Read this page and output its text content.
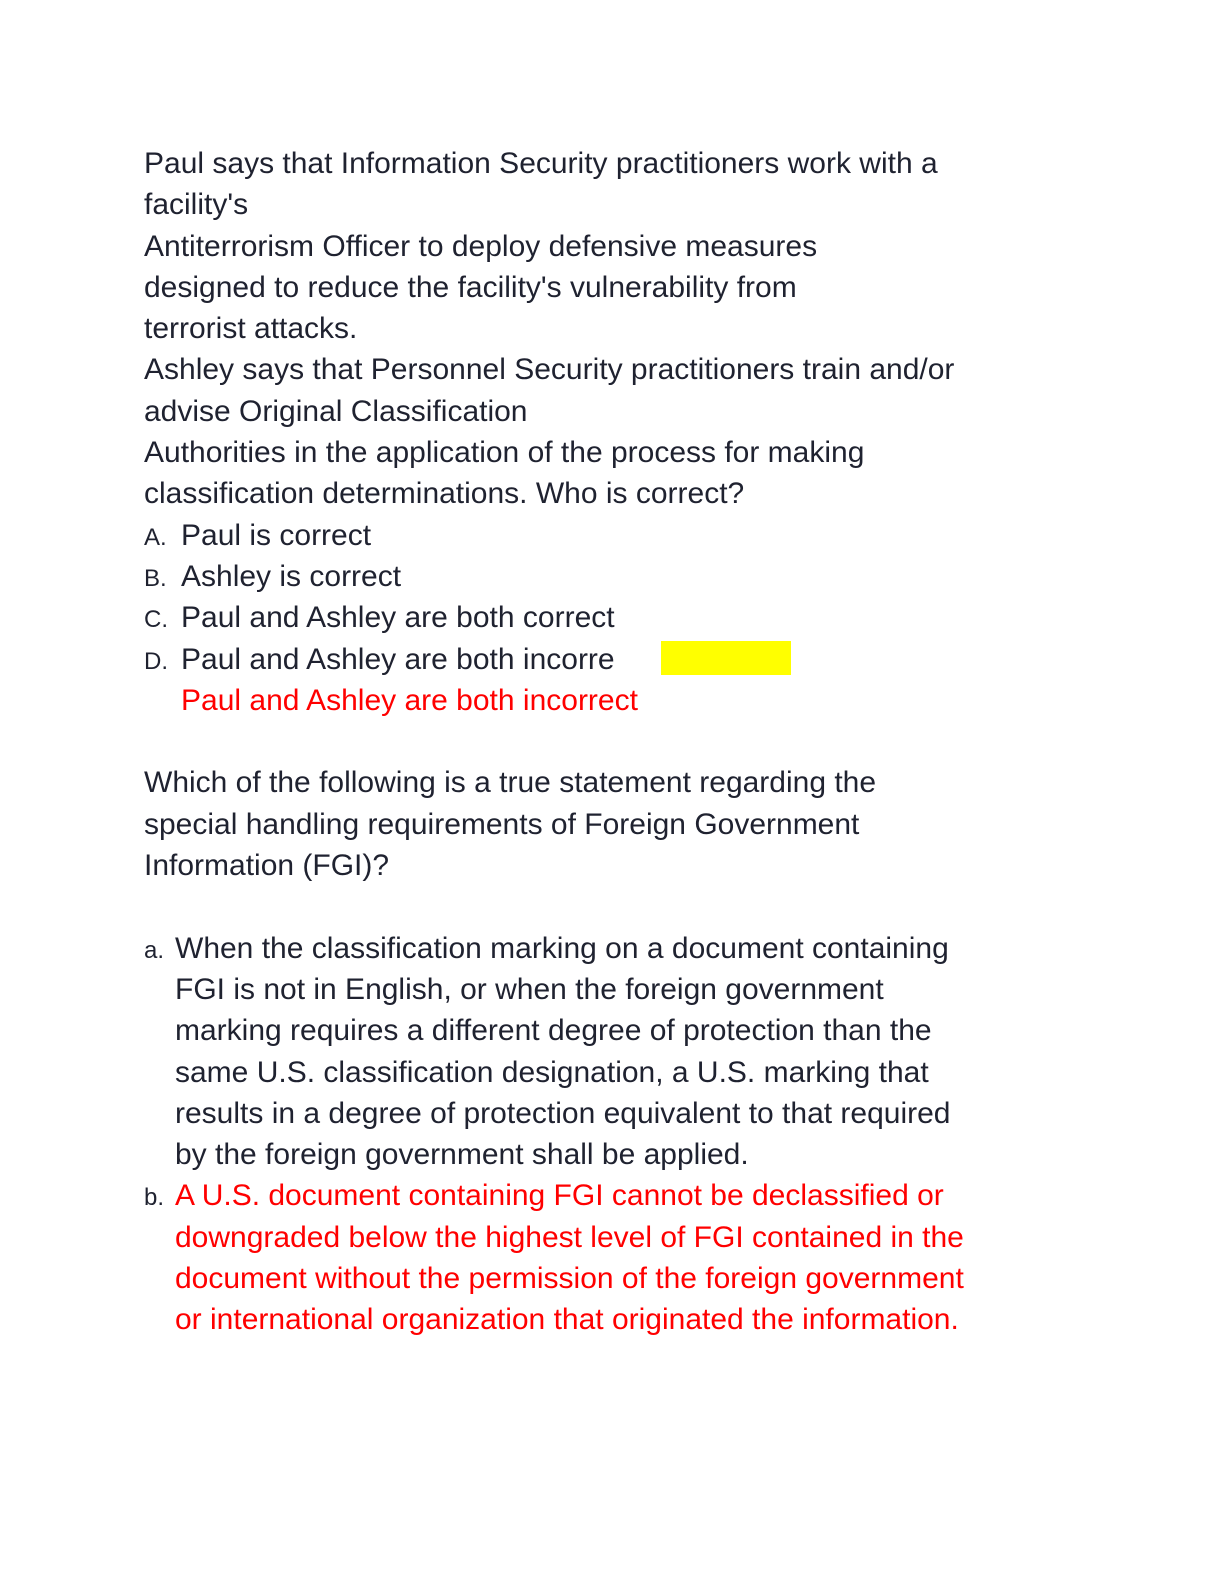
Paul says that Information Security practitioners work with a
facility's
Antiterrorism Officer to deploy defensive measures
designed to reduce the facility's vulnerability from
terrorist attacks.
Ashley says that Personnel Security practitioners train and/or
advise Original Classification
Authorities in the application of the process for making
classification determinations. Who is correct?
A. Paul is correct
B. Ashley is correct
C. Paul and Ashley are both correct
D. Paul and Ashley are both incorre
Paul and Ashley are both incorrect
Which of the following is a true statement regarding the
special handling requirements of Foreign Government
Information (FGI)?
a. When the classification marking on a document containing
FGI is not in English, or when the foreign government
marking requires a different degree of protection than the
same U.S. classification designation, a U.S. marking that
results in a degree of protection equivalent to that required
by the foreign government shall be applied.
b. A U.S. document containing FGI cannot be declassified or
downgraded below the highest level of FGI contained in the
document without the permission of the foreign government
or international organization that originated the information.
